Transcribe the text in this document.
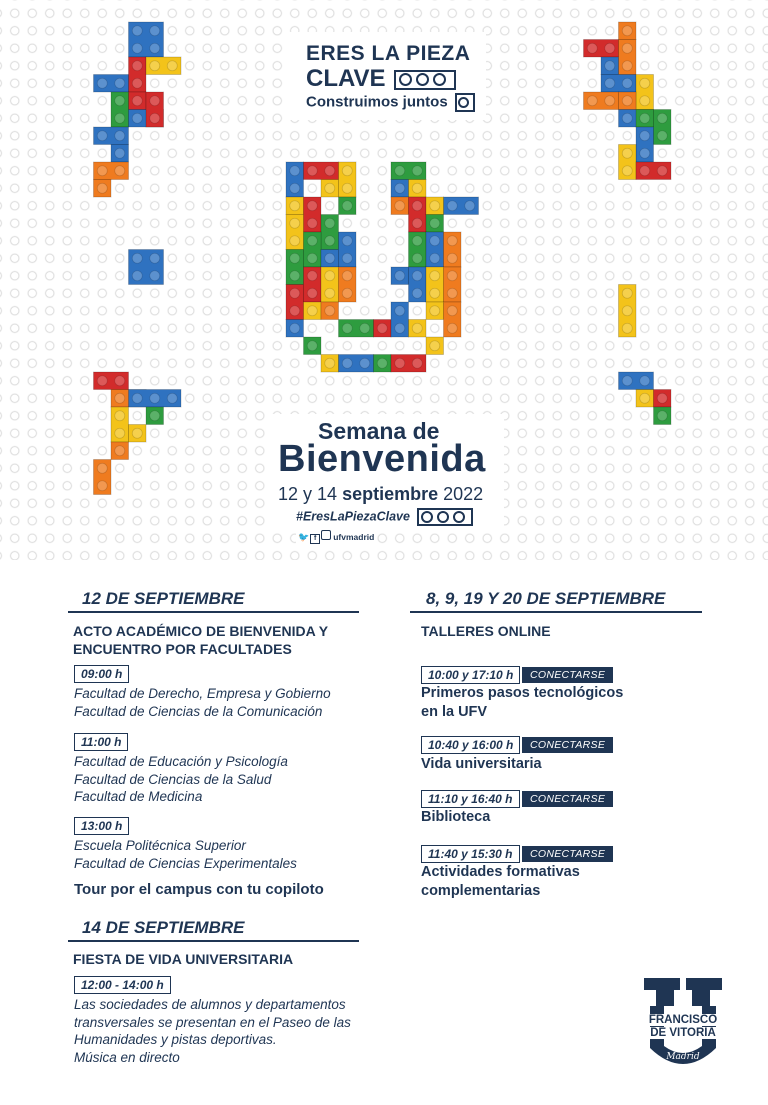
ERES LA PIEZA
CLAVE
Construimos juntos
Semana de
Bienvenida
12 y 14 septiembre 2022
#EresLaPiezaClave
🐦 f ufvmadrid
12 DE SEPTIEMBRE
ACTO ACADÉMICO DE BIENVENIDA Y
ENCUENTRO POR FACULTADES
09:00 h
Facultad de Derecho, Empresa y Gobierno
Facultad de Ciencias de la Comunicación
11:00 h
Facultad de Educación y Psicología
Facultad de Ciencias de la Salud
Facultad de Medicina
13:00 h
Escuela Politécnica Superior
Facultad de Ciencias Experimentales
Tour por el campus con tu copiloto
14 DE SEPTIEMBRE
FIESTA DE VIDA UNIVERSITARIA
12:00 - 14:00 h
Las sociedades de alumnos y departamentos
transversales se presentan en el Paseo de las
Humanidades y pistas deportivas.
Música en directo
8, 9, 19 Y 20 DE SEPTIEMBRE
TALLERES ONLINE
10:00 y 17:10 h	CONECTARSE
Primeros pasos tecnológicos
en la UFV
10:40 y 16:00 h	CONECTARSE
Vida universitaria
11:10 y 16:40 h	CONECTARSE
Biblioteca
11:40 y 15:30 h	CONECTARSE
Actividades formativas
complementarias
FRANCISCO
DE VITORIA
Madrid
